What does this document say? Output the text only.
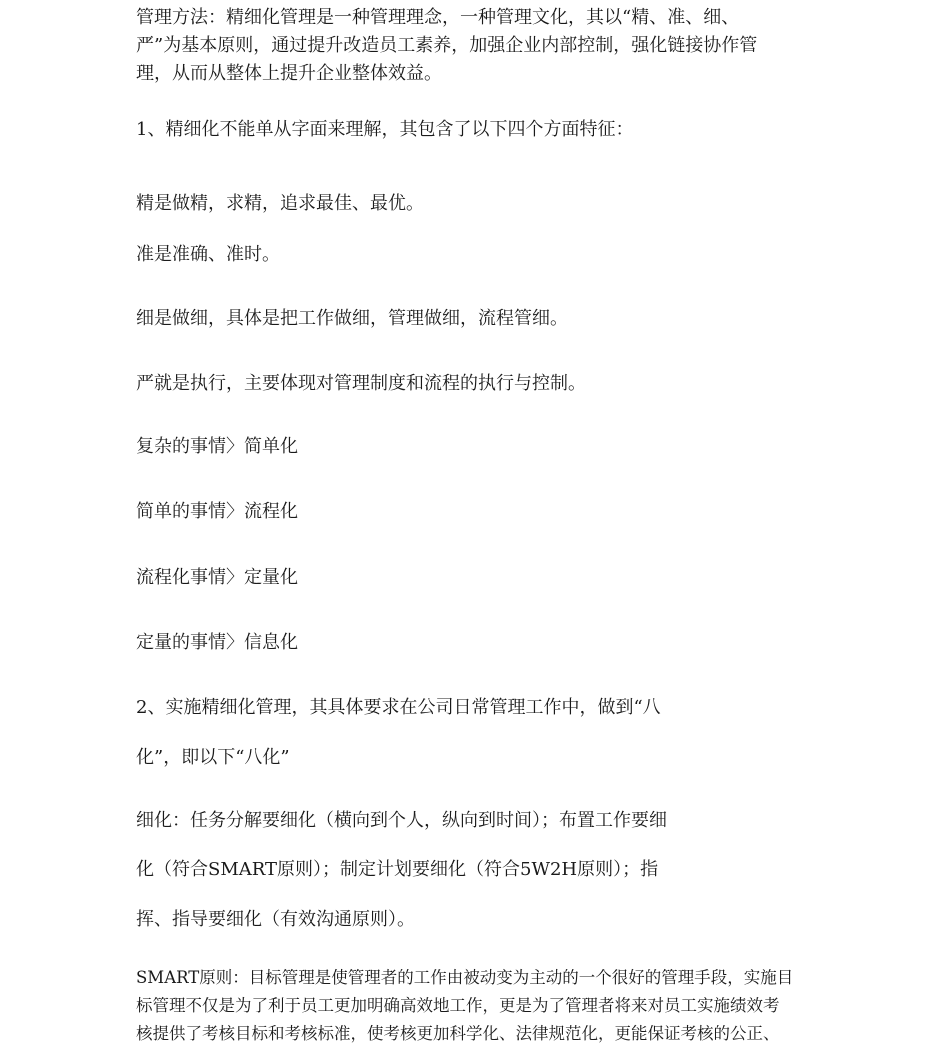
管理方法：精细化管理是一种管理理念，一种管理文化，其以“精、准、细、
严”为基本原则，通过提升改造员工素养，加强企业内部控制，强化链接协作管
理，从而从整体上提升企业整体效益。

1、精细化不能单从字面来理解，其包含了以下四个方面特征：

精是做精，求精，追求最佳、最优。

准是准确、准时。

细是做细，具体是把工作做细，管理做细，流程管细。

严就是执行，主要体现对管理制度和流程的执行与控制。

复杂的事情〉简单化

简单的事情〉流程化

流程化事情〉定量化

定量的事情〉信息化

2、实施精细化管理，其具体要求在公司日常管理工作中，做到“八

化”，即以下“八化”

细化：任务分解要细化（横向到个人，纵向到时间）；布置工作要细

化（符合SMART原则）；制定计划要细化（符合5W2H原则）；指

挥、指导要细化（有效沟通原则）。

SMART原则：目标管理是使管理者的工作由被动变为主动的一个很好的管理手段，实施目
标管理不仅是为了利于员工更加明确高效地工作，更是为了管理者将来对员工实施绩效考
核提供了考核目标和考核标准，使考核更加科学化、法律规范化，更能保证考核的公正、
